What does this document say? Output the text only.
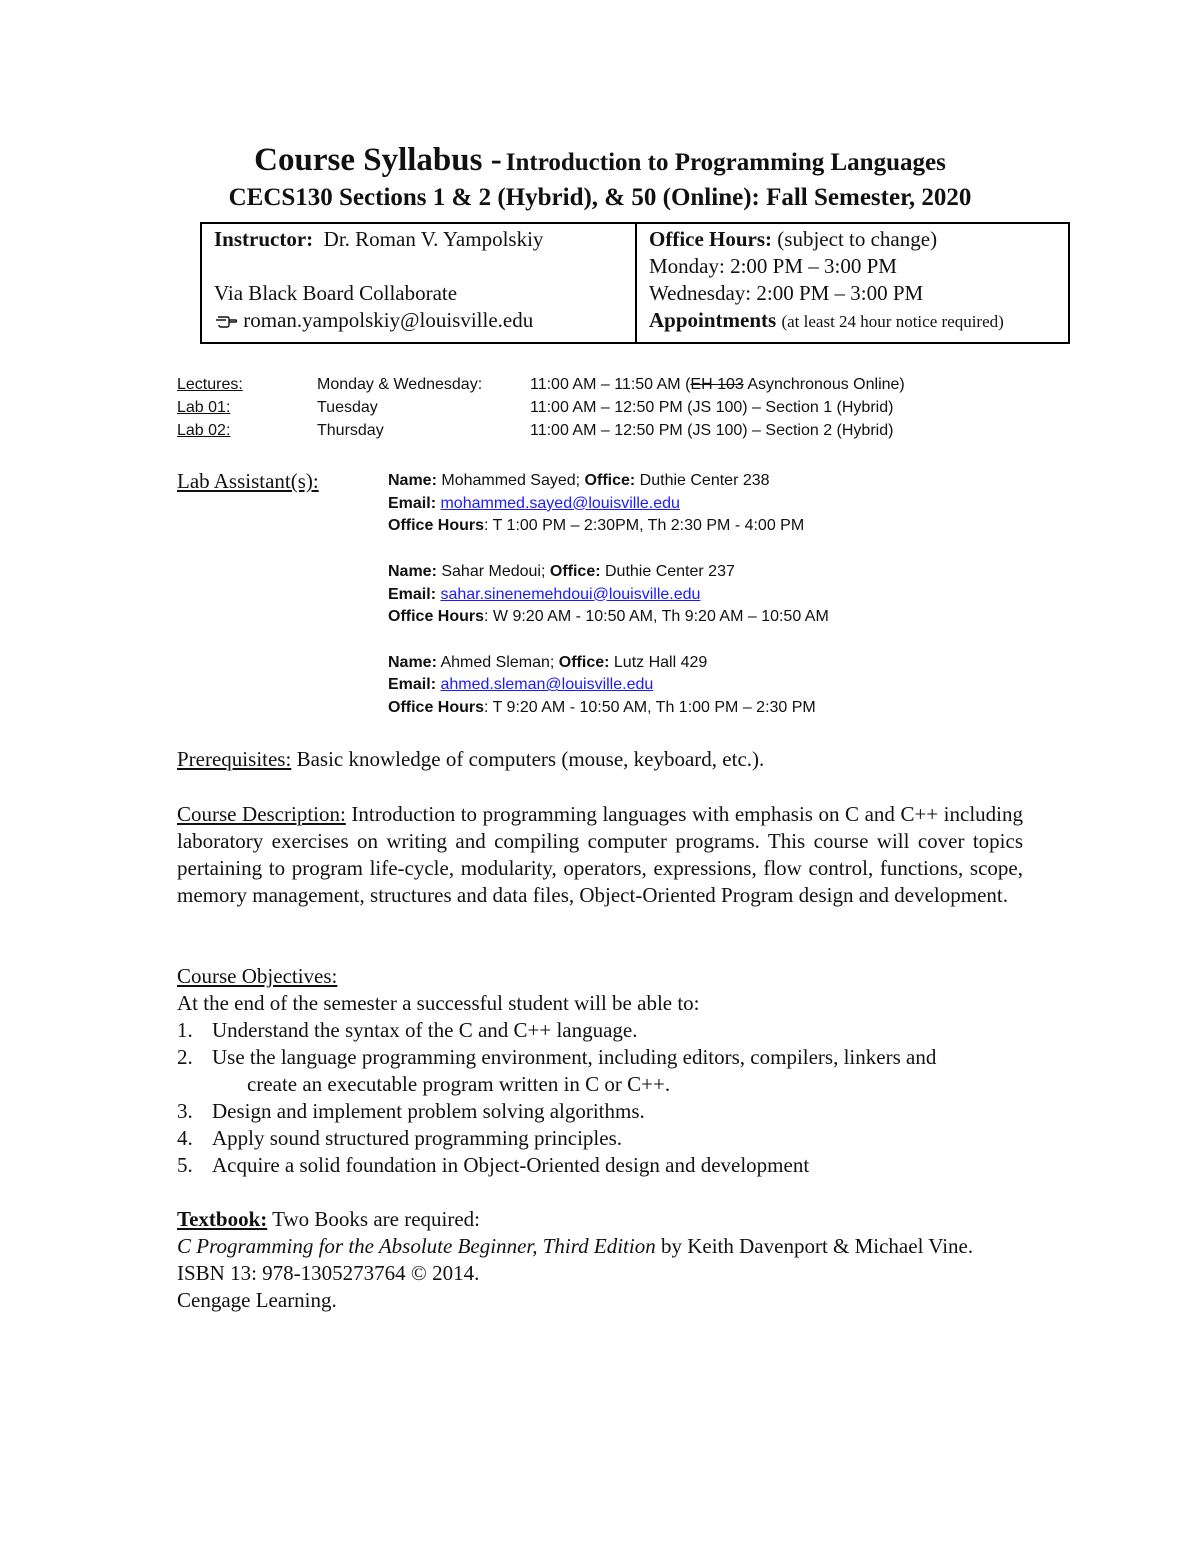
Course Syllabus - Introduction to Programming Languages
CECS130 Sections 1 & 2 (Hybrid), & 50 (Online): Fall Semester, 2020
Instructor: Dr. Roman V. Yampolskiy
Via Black Board Collaborate
roman.yampolskiy@louisville.edu
Office Hours: (subject to change)
Monday: 2:00 PM – 3:00 PM
Wednesday: 2:00 PM – 3:00 PM
Appointments (at least 24 hour notice required)
Lectures:	Monday & Wednesday:	11:00 AM – 11:50 AM (EH 103 Asynchronous Online)
Lab 01:	Tuesday	11:00 AM – 12:50 PM (JS 100) – Section 1 (Hybrid)
Lab 02:	Thursday	11:00 AM – 12:50 PM (JS 100) – Section 2 (Hybrid)
Lab Assistant(s):	Name: Mohammed Sayed; Office: Duthie Center 238
Email: mohammed.sayed@louisville.edu
Office Hours: T 1:00 PM – 2:30PM, Th 2:30 PM - 4:00 PM
Name: Sahar Medoui; Office: Duthie Center 237
Email: sahar.sinenemehdoui@louisville.edu
Office Hours: W 9:20 AM - 10:50 AM, Th 9:20 AM – 10:50 AM
Name: Ahmed Sleman; Office: Lutz Hall 429
Email: ahmed.sleman@louisville.edu
Office Hours: T 9:20 AM - 10:50 AM, Th 1:00 PM – 2:30 PM
Prerequisites: Basic knowledge of computers (mouse, keyboard, etc.).
Course Description: Introduction to programming languages with emphasis on C and C++ including laboratory exercises on writing and compiling computer programs. This course will cover topics pertaining to program life-cycle, modularity, operators, expressions, flow control, functions, scope, memory management, structures and data files, Object-Oriented Program design and development.
Course Objectives:
At the end of the semester a successful student will be able to:
1. Understand the syntax of the C and C++ language.
2. Use the language programming environment, including editors, compilers, linkers and
create an executable program written in C or C++.
3. Design and implement problem solving algorithms.
4. Apply sound structured programming principles.
5. Acquire a solid foundation in Object-Oriented design and development
Textbook: Two Books are required:
C Programming for the Absolute Beginner, Third Edition by Keith Davenport & Michael Vine. ISBN 13: 978-1305273764 © 2014.
Cengage Learning.
